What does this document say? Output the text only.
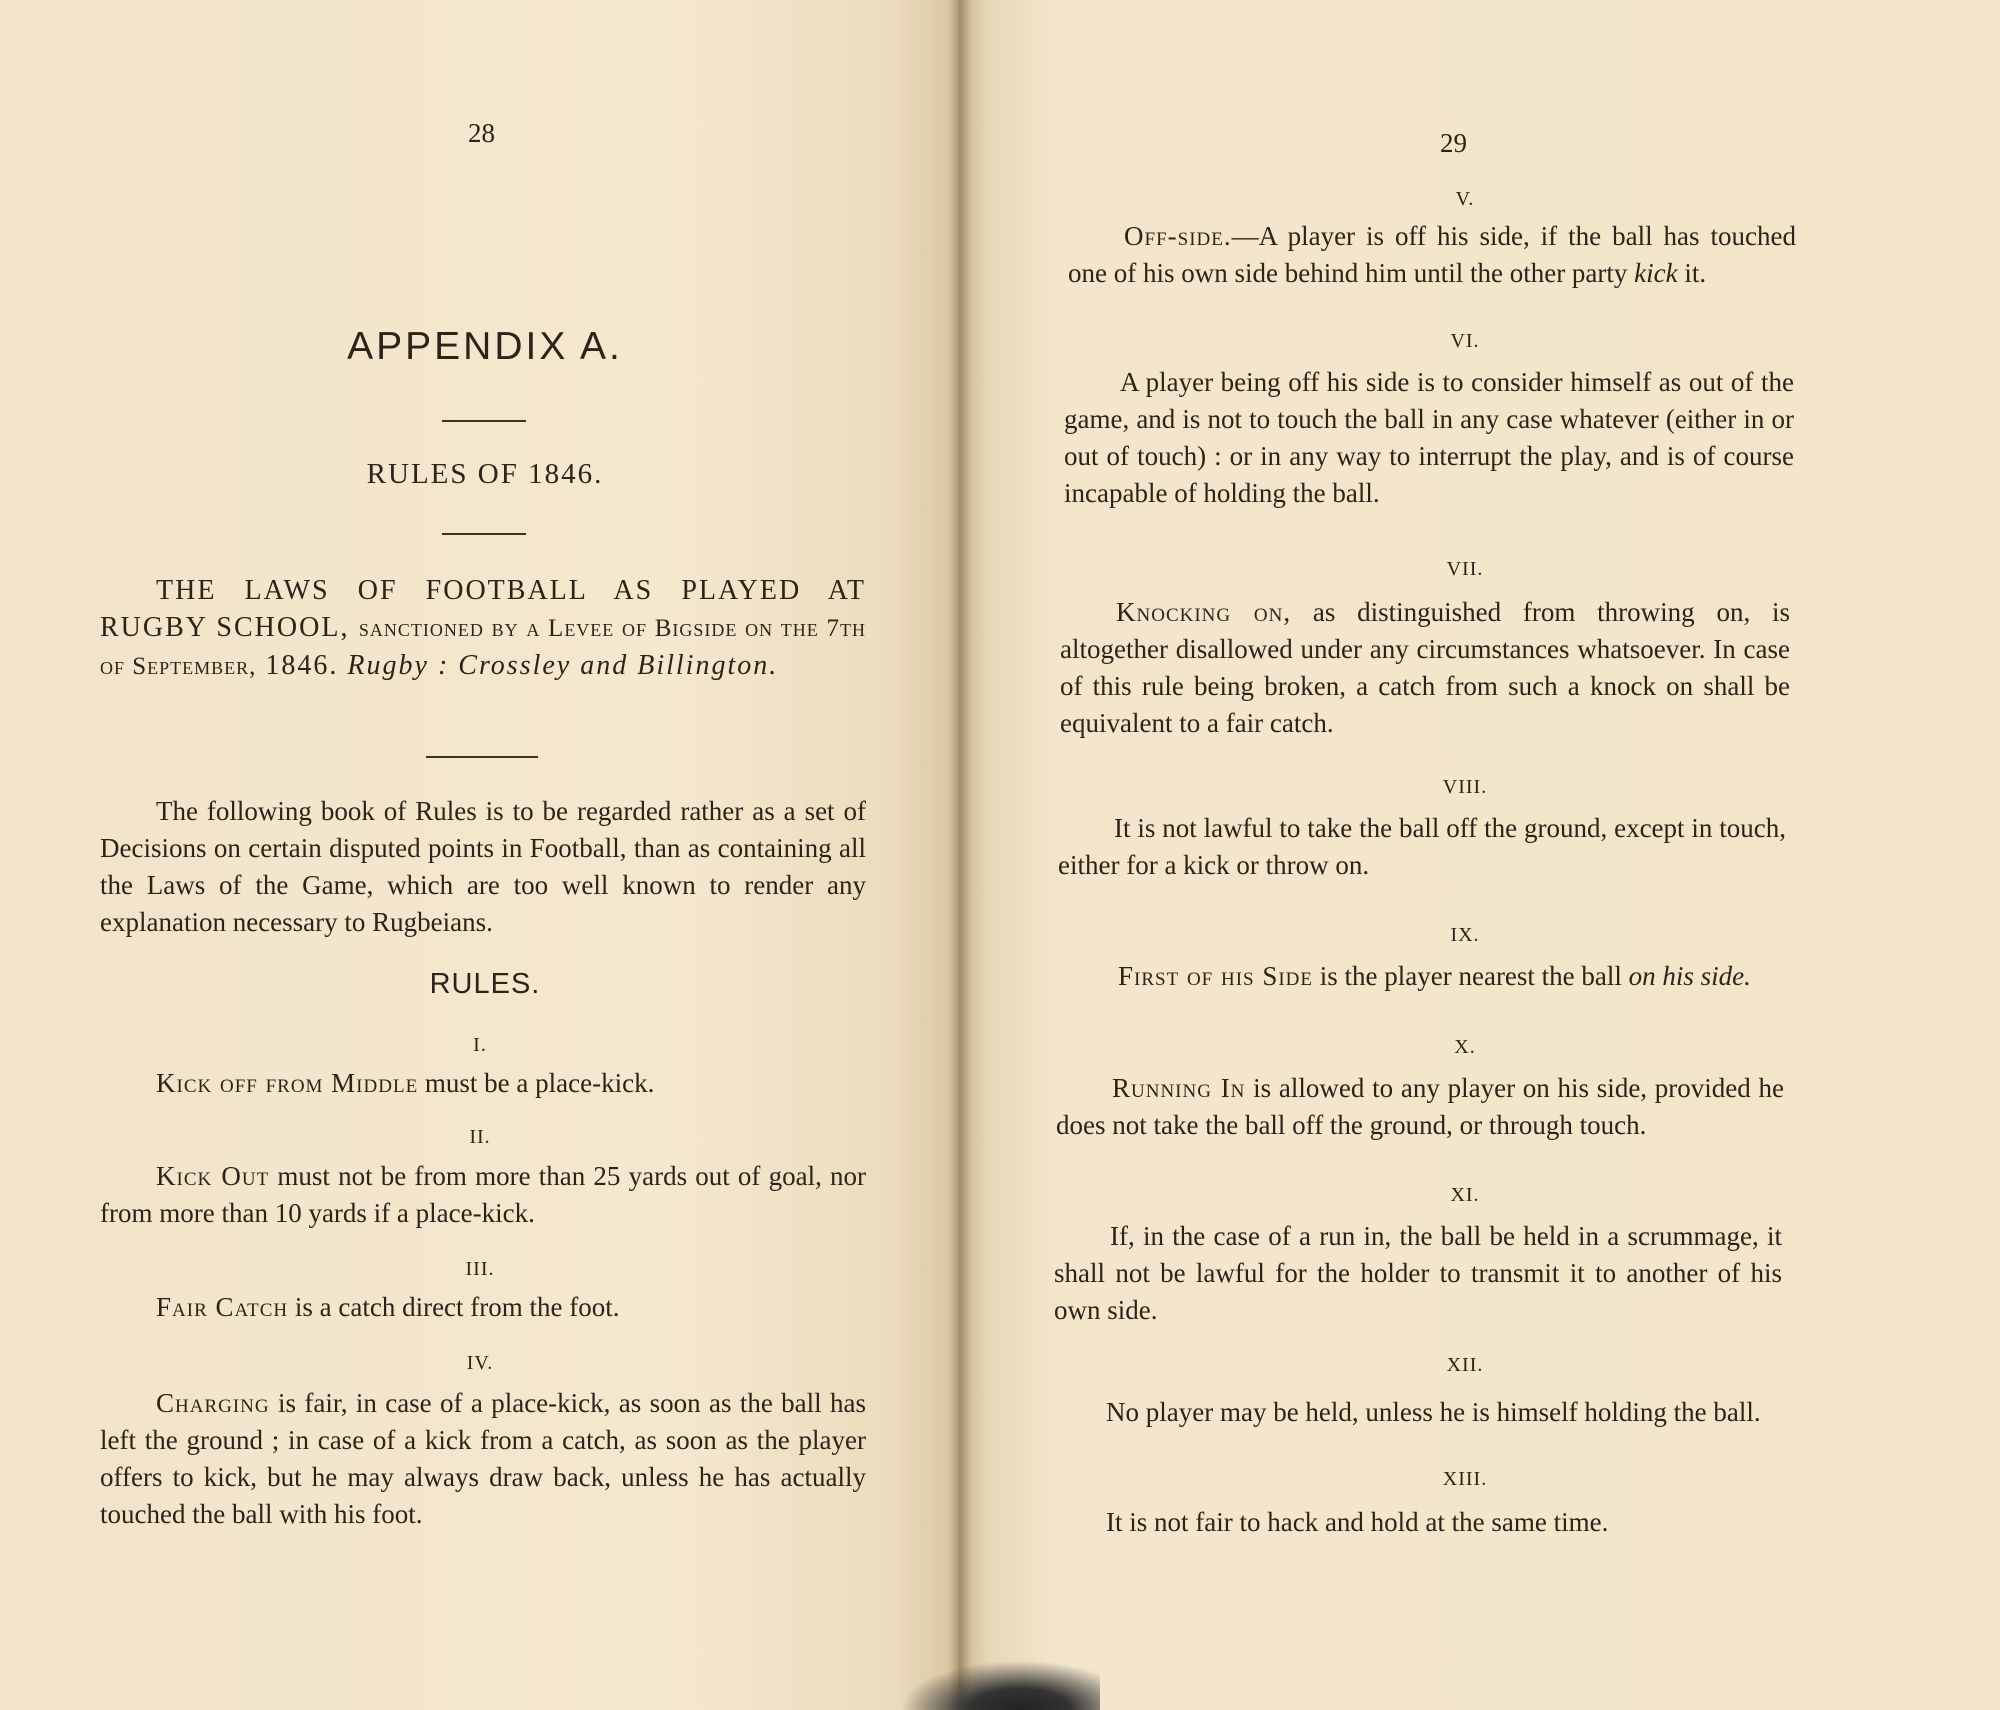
28

APPENDIX A.

RULES OF 1846.

THE LAWS OF FOOTBALL AS PLAYED AT RUGBY SCHOOL, sanctioned by a Levee of Bigside on the 7th of September, 1846. Rugby : Crossley and Billington.

The following book of Rules is to be regarded rather as a set of Decisions on certain disputed points in Football, than as containing all the Laws of the Game, which are too well known to render any explanation necessary to Rugbeians.

RULES.

I.

Kick off from Middle must be a place-kick.

II.

Kick Out must not be from more than 25 yards out of goal, nor from more than 10 yards if a place-kick.

III.

Fair Catch is a catch direct from the foot.

IV.

Charging is fair, in case of a place-kick, as soon as the ball has left the ground ; in case of a kick from a catch, as soon as the player offers to kick, but he may always draw back, unless he has actually touched the ball with his foot.

29

V.

Off-side.—A player is off his side, if the ball has touched one of his own side behind him until the other party kick it.

VI.

A player being off his side is to consider himself as out of the game, and is not to touch the ball in any case whatever (either in or out of touch) : or in any way to interrupt the play, and is of course incapable of holding the ball.

VII.

Knocking on, as distinguished from throwing on, is altogether disallowed under any circumstances whatsoever. In case of this rule being broken, a catch from such a knock on shall be equivalent to a fair catch.

VIII.

It is not lawful to take the ball off the ground, except in touch, either for a kick or throw on.

IX.

First of his Side is the player nearest the ball on his side.

X.

Running In is allowed to any player on his side, provided he does not take the ball off the ground, or through touch.

XI.

If, in the case of a run in, the ball be held in a scrummage, it shall not be lawful for the holder to transmit it to another of his own side.

XII.

No player may be held, unless he is himself holding the ball.

XIII.

It is not fair to hack and hold at the same time.
